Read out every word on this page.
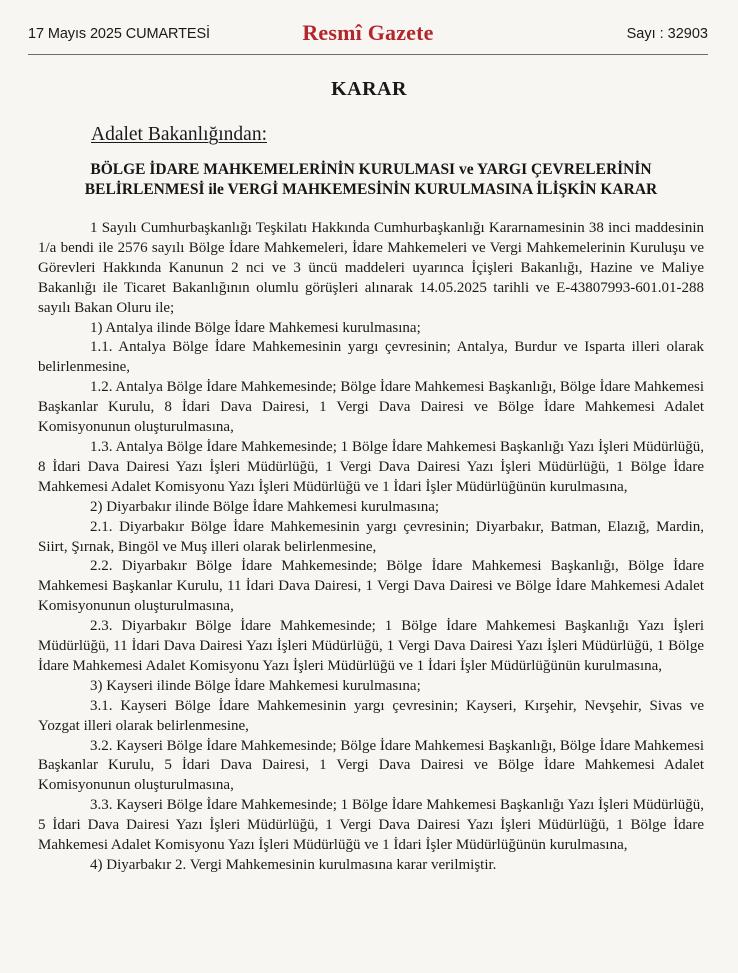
17 Mayıs 2025 CUMARTESİ	Resmî Gazete	Sayı : 32903
KARAR
Adalet Bakanlığından:
BÖLGE İDARE MAHKEMELERİNİN KURULMASI ve YARGI ÇEVRELERİNİN BELİRLENMESİ ile VERGİ MAHKEMESİNİN KURULMASINA İLİŞKİN KARAR

1 Sayılı Cumhurbaşkanlığı Teşkilatı Hakkında Cumhurbaşkanlığı Kararnamesinin 38 inci maddesinin 1/a bendi ile 2576 sayılı Bölge İdare Mahkemeleri, İdare Mahkemeleri ve Vergi Mahkemelerinin Kuruluşu ve Görevleri Hakkında Kanunun 2 nci ve 3 üncü maddeleri uyarınca İçişleri Bakanlığı, Hazine ve Maliye Bakanlığı ile Ticaret Bakanlığının olumlu görüşleri alınarak 14.05.2025 tarihli ve E-43807993-601.01-288 sayılı Bakan Oluru ile;

1) Antalya ilinde Bölge İdare Mahkemesi kurulmasına;

1.1. Antalya Bölge İdare Mahkemesinin yargı çevresinin; Antalya, Burdur ve Isparta illeri olarak belirlenmesine,

1.2. Antalya Bölge İdare Mahkemesinde; Bölge İdare Mahkemesi Başkanlığı, Bölge İdare Mahkemesi Başkanlar Kurulu, 8 İdari Dava Dairesi, 1 Vergi Dava Dairesi ve Bölge İdare Mahkemesi Adalet Komisyonunun oluşturulmasına,

1.3. Antalya Bölge İdare Mahkemesinde; 1 Bölge İdare Mahkemesi Başkanlığı Yazı İşleri Müdürlüğü, 8 İdari Dava Dairesi Yazı İşleri Müdürlüğü, 1 Vergi Dava Dairesi Yazı İşleri Müdürlüğü, 1 Bölge İdare Mahkemesi Adalet Komisyonu Yazı İşleri Müdürlüğü ve 1 İdari İşler Müdürlüğünün kurulmasına,

2) Diyarbakır ilinde Bölge İdare Mahkemesi kurulmasına;

2.1. Diyarbakır Bölge İdare Mahkemesinin yargı çevresinin; Diyarbakır, Batman, Elazığ, Mardin, Siirt, Şırnak, Bingöl ve Muş illeri olarak belirlenmesine,

2.2. Diyarbakır Bölge İdare Mahkemesinde; Bölge İdare Mahkemesi Başkanlığı, Bölge İdare Mahkemesi Başkanlar Kurulu, 11 İdari Dava Dairesi, 1 Vergi Dava Dairesi ve Bölge İdare Mahkemesi Adalet Komisyonunun oluşturulmasına,

2.3. Diyarbakır Bölge İdare Mahkemesinde; 1 Bölge İdare Mahkemesi Başkanlığı Yazı İşleri Müdürlüğü, 11 İdari Dava Dairesi Yazı İşleri Müdürlüğü, 1 Vergi Dava Dairesi Yazı İşleri Müdürlüğü, 1 Bölge İdare Mahkemesi Adalet Komisyonu Yazı İşleri Müdürlüğü ve 1 İdari İşler Müdürlüğünün kurulmasına,

3) Kayseri ilinde Bölge İdare Mahkemesi kurulmasına;

3.1. Kayseri Bölge İdare Mahkemesinin yargı çevresinin; Kayseri, Kırşehir, Nevşehir, Sivas ve Yozgat illeri olarak belirlenmesine,

3.2. Kayseri Bölge İdare Mahkemesinde; Bölge İdare Mahkemesi Başkanlığı, Bölge İdare Mahkemesi Başkanlar Kurulu, 5 İdari Dava Dairesi, 1 Vergi Dava Dairesi ve Bölge İdare Mahkemesi Adalet Komisyonunun oluşturulmasına,

3.3. Kayseri Bölge İdare Mahkemesinde; 1 Bölge İdare Mahkemesi Başkanlığı Yazı İşleri Müdürlüğü, 5 İdari Dava Dairesi Yazı İşleri Müdürlüğü, 1 Vergi Dava Dairesi Yazı İşleri Müdürlüğü, 1 Bölge İdare Mahkemesi Adalet Komisyonu Yazı İşleri Müdürlüğü ve 1 İdari İşler Müdürlüğünün kurulmasına,

4) Diyarbakır 2. Vergi Mahkemesinin kurulmasına karar verilmiştir.
